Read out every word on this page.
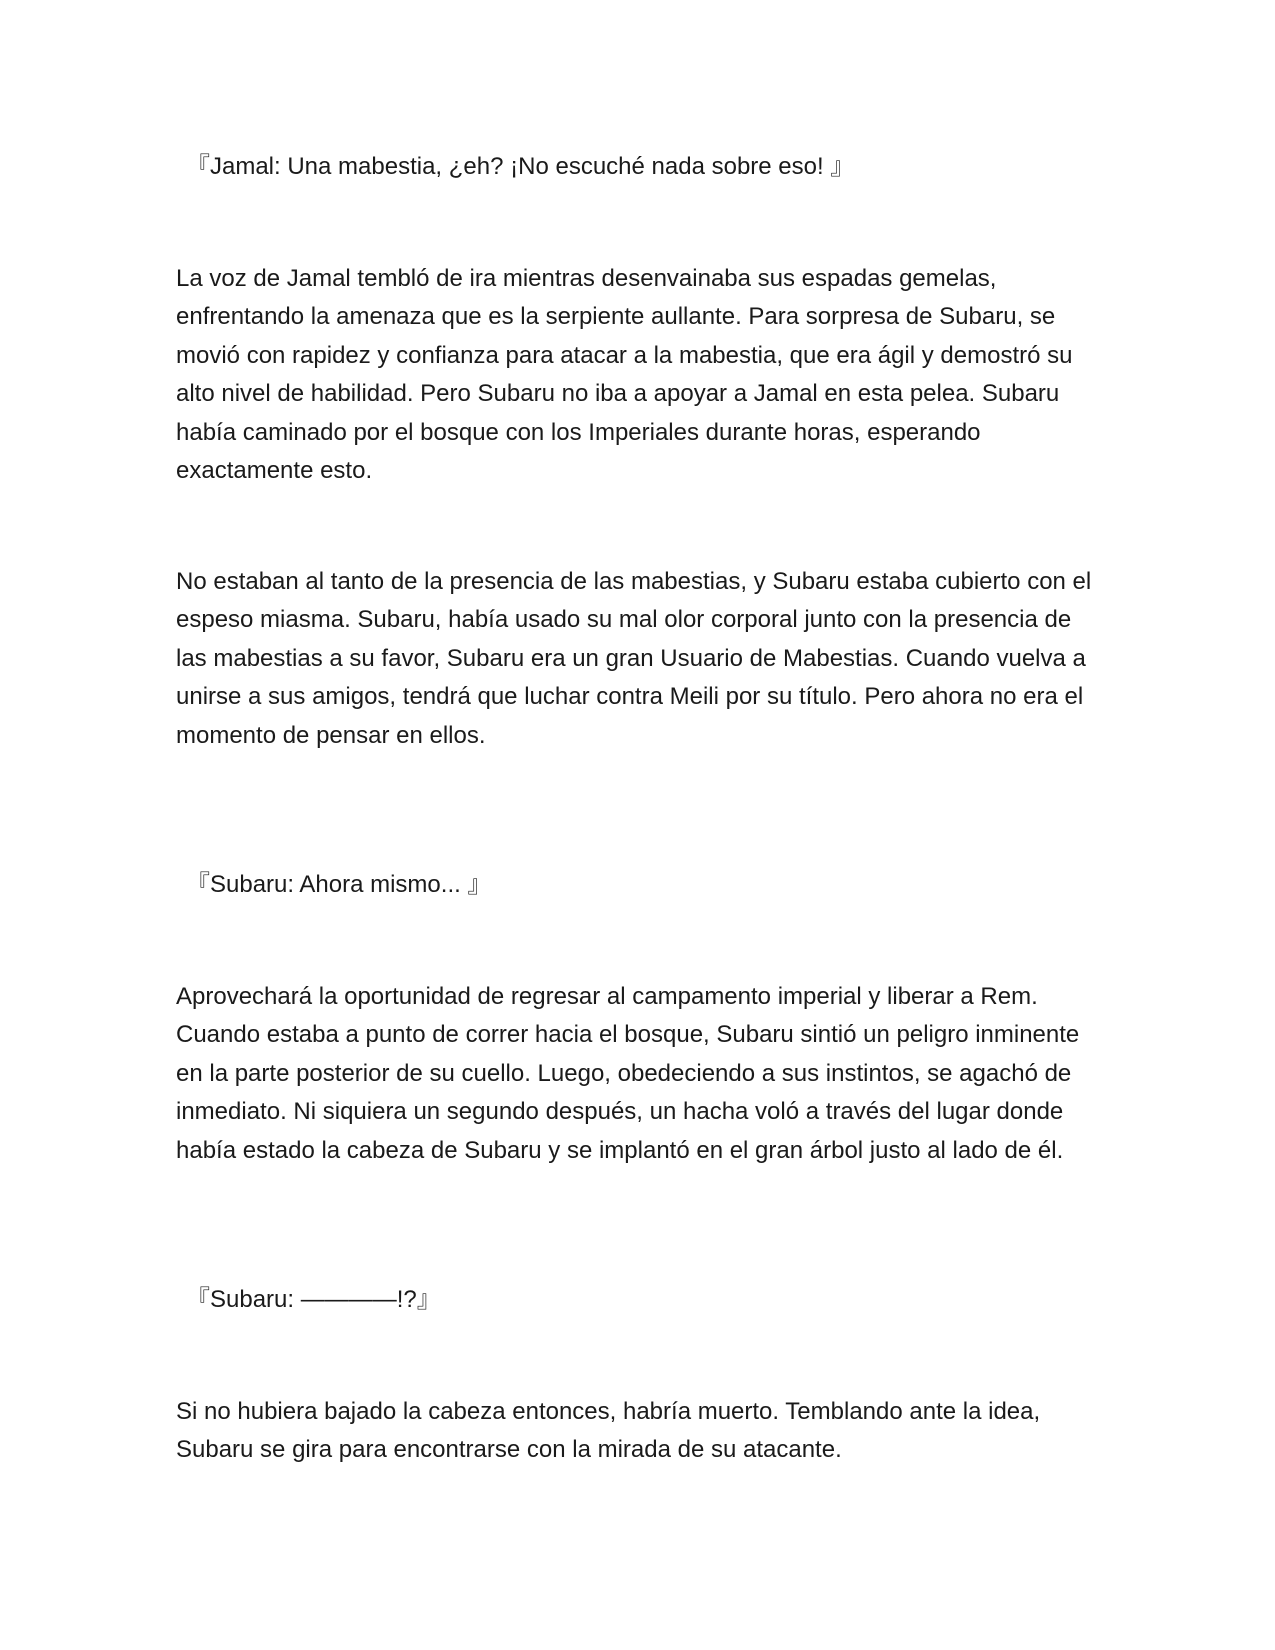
『Jamal: Una mabestia, ¿eh? ¡No escuché nada sobre eso! 』

La voz de Jamal tembló de ira mientras desenvainaba sus espadas gemelas, enfrentando la amenaza que es la serpiente aullante. Para sorpresa de Subaru, se movió con rapidez y confianza para atacar a la mabestia, que era ágil y demostró su alto nivel de habilidad. Pero Subaru no iba a apoyar a Jamal en esta pelea. Subaru había caminado por el bosque con los Imperiales durante horas, esperando exactamente esto.

No estaban al tanto de la presencia de las mabestias, y Subaru estaba cubierto con el espeso miasma. Subaru, había usado su mal olor corporal junto con la presencia de las mabestias a su favor, Subaru era un gran Usuario de Mabestias. Cuando vuelva a unirse a sus amigos, tendrá que luchar contra Meili por su título. Pero ahora no era el momento de pensar en ellos.

『Subaru: Ahora mismo... 』

Aprovechará la oportunidad de regresar al campamento imperial y liberar a Rem. Cuando estaba a punto de correr hacia el bosque, Subaru sintió un peligro inminente en la parte posterior de su cuello. Luego, obedeciendo a sus instintos, se agachó de inmediato. Ni siquiera un segundo después, un hacha voló a través del lugar donde había estado la cabeza de Subaru y se implantó en el gran árbol justo al lado de él.

『Subaru: ————!?』

Si no hubiera bajado la cabeza entonces, habría muerto. Temblando ante la idea, Subaru se gira para encontrarse con la mirada de su atacante.
